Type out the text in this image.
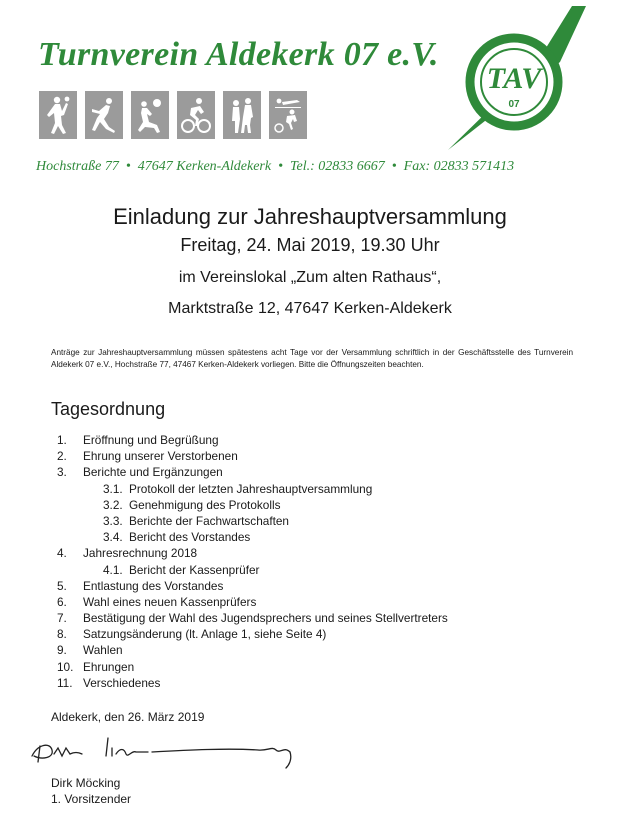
Turnverein Aldekerk 07 e.V.
TAV
07
Hochstraße 77 • 47647 Kerken-Aldekerk • Tel.: 02833 6667 • Fax: 02833 571413
Einladung zur Jahreshauptversammlung
Freitag, 24. Mai 2019, 19.30 Uhr
im Vereinslokal „Zum alten Rathaus“,
Marktstraße 12, 47647 Kerken-Aldekerk
Anträge zur Jahreshauptversammlung müssen spätestens acht Tage vor der Versammlung schriftlich in der Geschäftsstelle des Turnverein Aldekerk 07 e.V., Hochstraße 77, 47467 Kerken-Aldekerk vorliegen. Bitte die Öffnungszeiten beachten.
Tagesordnung
1. Eröffnung und Begrüßung
2. Ehrung unserer Verstorbenen
3. Berichte und Ergänzungen
3.1. Protokoll der letzten Jahreshauptversammlung
3.2. Genehmigung des Protokolls
3.3. Berichte der Fachwartschaften
3.4. Bericht des Vorstandes
4. Jahresrechnung 2018
4.1. Bericht der Kassenprüfer
5. Entlastung des Vorstandes
6. Wahl eines neuen Kassenprüfers
7. Bestätigung der Wahl des Jugendsprechers und seines Stellvertreters
8. Satzungsänderung (lt. Anlage 1, siehe Seite 4)
9. Wahlen
10. Ehrungen
11. Verschiedenes
Aldekerk, den 26. März 2019
Dirk Möcking
1. Vorsitzender
